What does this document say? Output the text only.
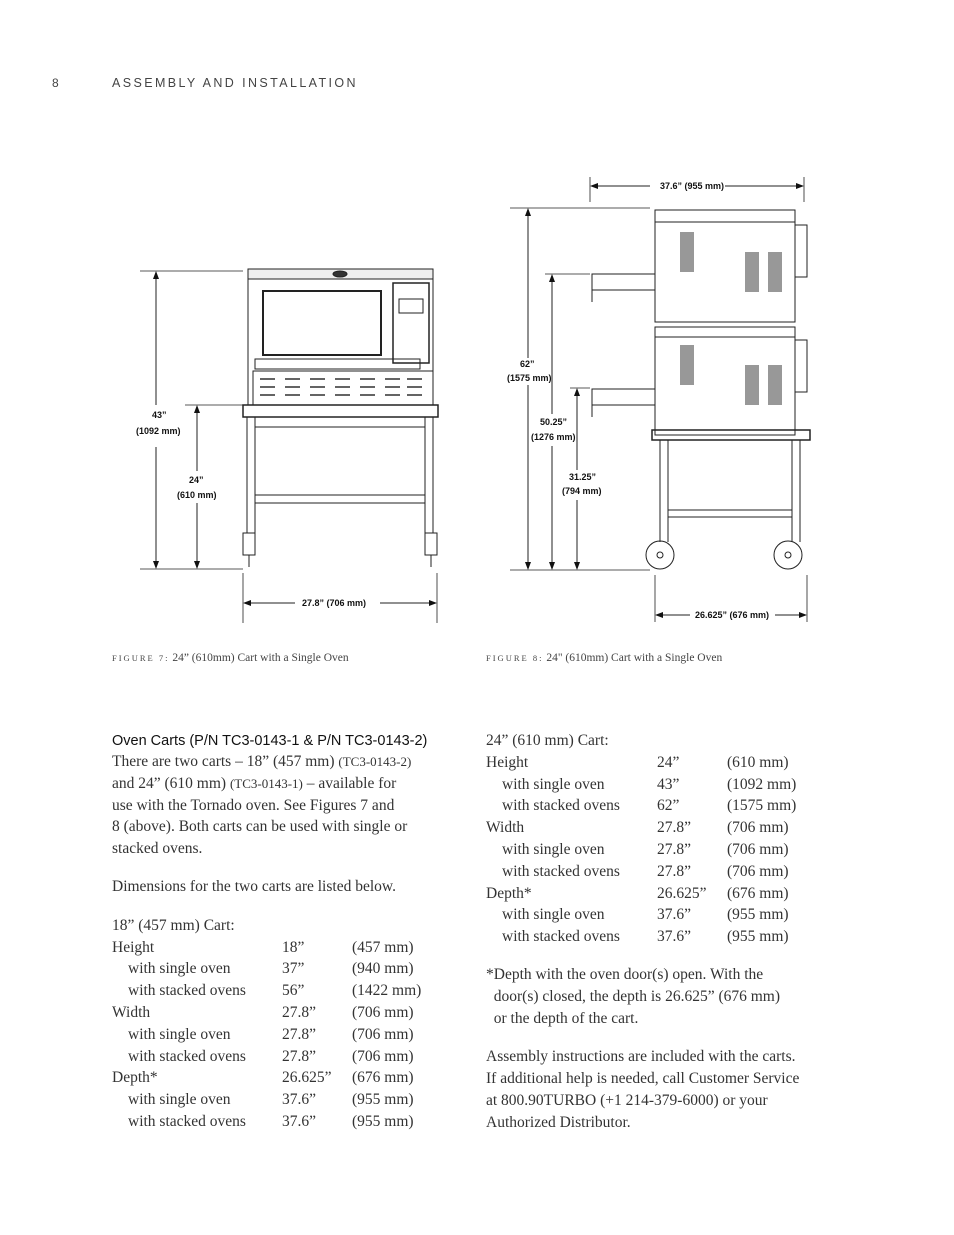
8	ASSEMBLY AND INSTALLATION
43”
(1092 mm)
24”
(610 mm)
27.8” (706 mm)
FIGURE 7: 24” (610mm) Cart with a Single Oven
37.6” (955 mm)
62”
(1575 mm)
50.25”
(1276 mm)
31.25”
(794 mm)
26.625” (676 mm)
FIGURE 8: 24" (610mm) Cart with a Single Oven
Oven Carts (P/N TC3-0143-1 & P/N TC3-0143-2)

There are two carts – 18” (457 mm) (TC3-0143-2)
and 24” (610 mm) (TC3-0143-1) – available for
use with the Tornado oven. See Figures 7 and
8 (above). Both carts can be used with single or
stacked ovens.

Dimensions for the two carts are listed below.

18” (457 mm) Cart:

Height	18”	(457 mm)
with single oven	37”	(940 mm)
with stacked ovens	56”	(1422 mm)
Width	27.8”	(706 mm)
with single oven	27.8”	(706 mm)
with stacked ovens	27.8”	(706 mm)
Depth*	26.625”	(676 mm)
with single oven	37.6”	(955 mm)
with stacked ovens	37.6”	(955 mm)

24” (610 mm) Cart:

Height	24”	(610 mm)
with single oven	43”	(1092 mm)
with stacked ovens	62”	(1575 mm)
Width	27.8”	(706 mm)
with single oven	27.8”	(706 mm)
with stacked ovens	27.8”	(706 mm)
Depth*	26.625”	(676 mm)
with single oven	37.6”	(955 mm)
with stacked ovens	37.6”	(955 mm)

*Depth with the oven door(s) open. With the
door(s) closed, the depth is 26.625” (676 mm)
or the depth of the cart.

Assembly instructions are included with the carts.
If additional help is needed, call Customer Service
at 800.90TURBO (+1 214-379-6000) or your
Authorized Distributor.
